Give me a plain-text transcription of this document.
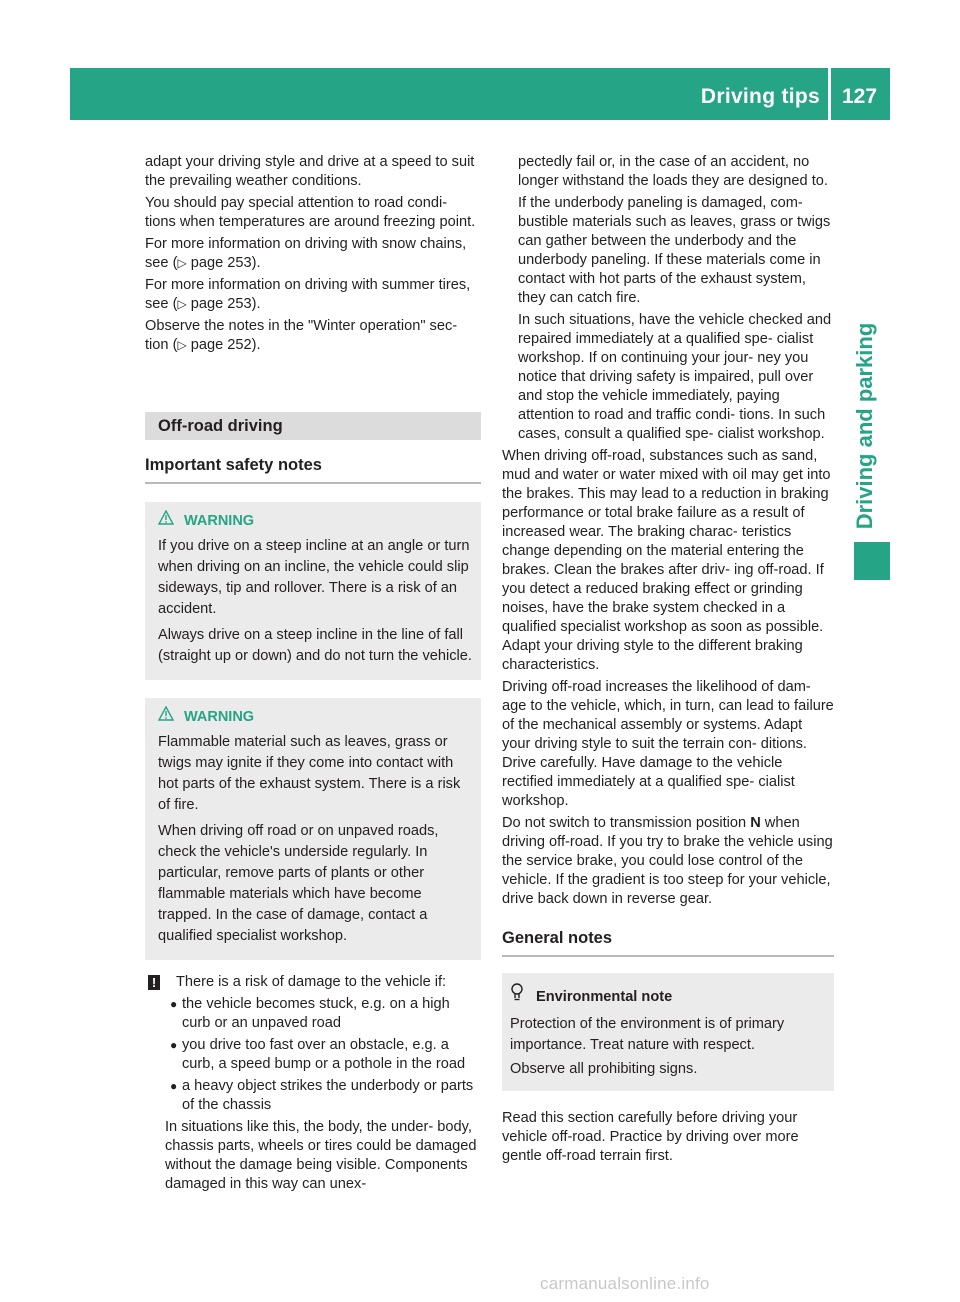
Driving tips 127
Driving and parking

adapt your driving style and drive at a speed to suit the prevailing weather conditions.

You should pay special attention to road condi- tions when temperatures are around freezing point.

For more information on driving with snow chains, see (▷ page 253).

For more information on driving with summer tires, see (▷ page 253).

Observe the notes in the "Winter operation" sec- tion (▷ page 252).

Off-road driving
Important safety notes
WARNING

If you drive on a steep incline at an angle or turn when driving on an incline, the vehicle could slip sideways, tip and rollover. There is a risk of an accident.

Always drive on a steep incline in the line of fall (straight up or down) and do not turn the vehicle.

WARNING

Flammable material such as leaves, grass or twigs may ignite if they come into contact with hot parts of the exhaust system. There is a risk of fire.

When driving off road or on unpaved roads, check the vehicle's underside regularly. In particular, remove parts of plants or other flammable materials which have become trapped. In the case of damage, contact a qualified specialist workshop.

! There is a risk of damage to the vehicle if:
● the vehicle becomes stuck, e.g. on a high curb or an unpaved road
● you drive too fast over an obstacle, e.g. a curb, a speed bump or a pothole in the road
● a heavy object strikes the underbody or parts of the chassis

In situations like this, the body, the under- body, chassis parts, wheels or tires could be damaged without the damage being visible. Components damaged in this way can unex-

pectedly fail or, in the case of an accident, no longer withstand the loads they are designed to.

If the underbody paneling is damaged, com- bustible materials such as leaves, grass or twigs can gather between the underbody and the underbody paneling. If these materials come in contact with hot parts of the exhaust system, they can catch fire.

In such situations, have the vehicle checked and repaired immediately at a qualified spe- cialist workshop. If on continuing your jour- ney you notice that driving safety is impaired, pull over and stop the vehicle immediately, paying attention to road and traffic condi- tions. In such cases, consult a qualified spe- cialist workshop.

When driving off-road, substances such as sand, mud and water or water mixed with oil may get into the brakes. This may lead to a reduction in braking performance or total brake failure as a result of increased wear. The braking charac- teristics change depending on the material entering the brakes. Clean the brakes after driv- ing off-road. If you detect a reduced braking effect or grinding noises, have the brake system checked in a qualified specialist workshop as soon as possible. Adapt your driving style to the different braking characteristics.

Driving off-road increases the likelihood of dam- age to the vehicle, which, in turn, can lead to failure of the mechanical assembly or systems. Adapt your driving style to suit the terrain con- ditions. Drive carefully. Have damage to the vehicle rectified immediately at a qualified spe- cialist workshop.

Do not switch to transmission position N when driving off-road. If you try to brake the vehicle using the service brake, you could lose control of the vehicle. If the gradient is too steep for your vehicle, drive back down in reverse gear.

General notes
Environmental note

Protection of the environment is of primary importance. Treat nature with respect.

Observe all prohibiting signs.

Read this section carefully before driving your vehicle off-road. Practice by driving over more gentle off-road terrain first.

carmanualsonline.info
